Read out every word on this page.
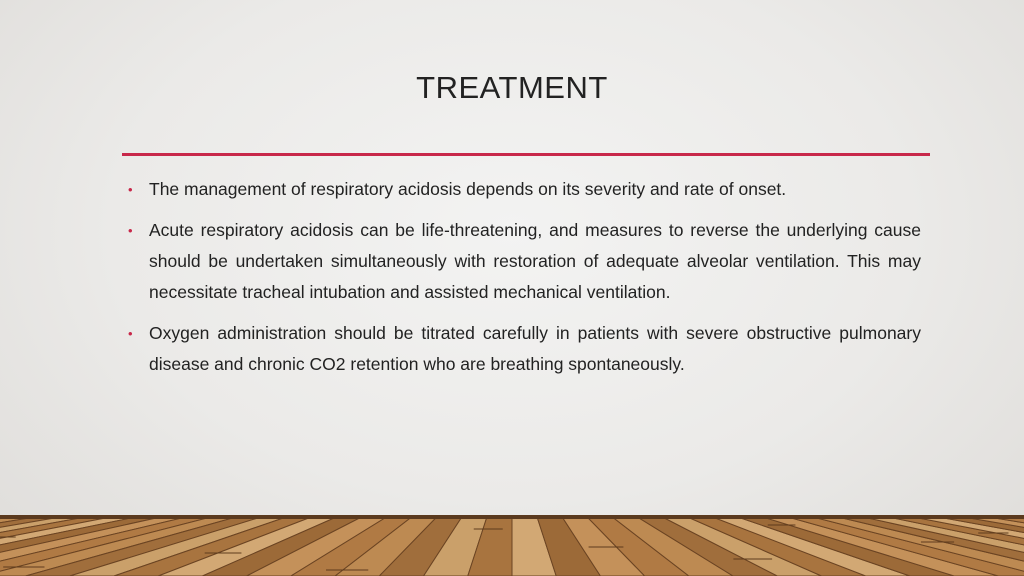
TREATMENT
• The management of respiratory acidosis depends on its severity and rate of onset.
• Acute respiratory acidosis can be life-threatening, and measures to reverse the underlying cause should be undertaken simultaneously with restoration of adequate alveolar ventilation. This may necessitate tracheal intubation and assisted mechanical ventilation.
• Oxygen administration should be titrated carefully in patients with severe obstructive pulmonary disease and chronic CO2 retention who are breathing spontaneously.
